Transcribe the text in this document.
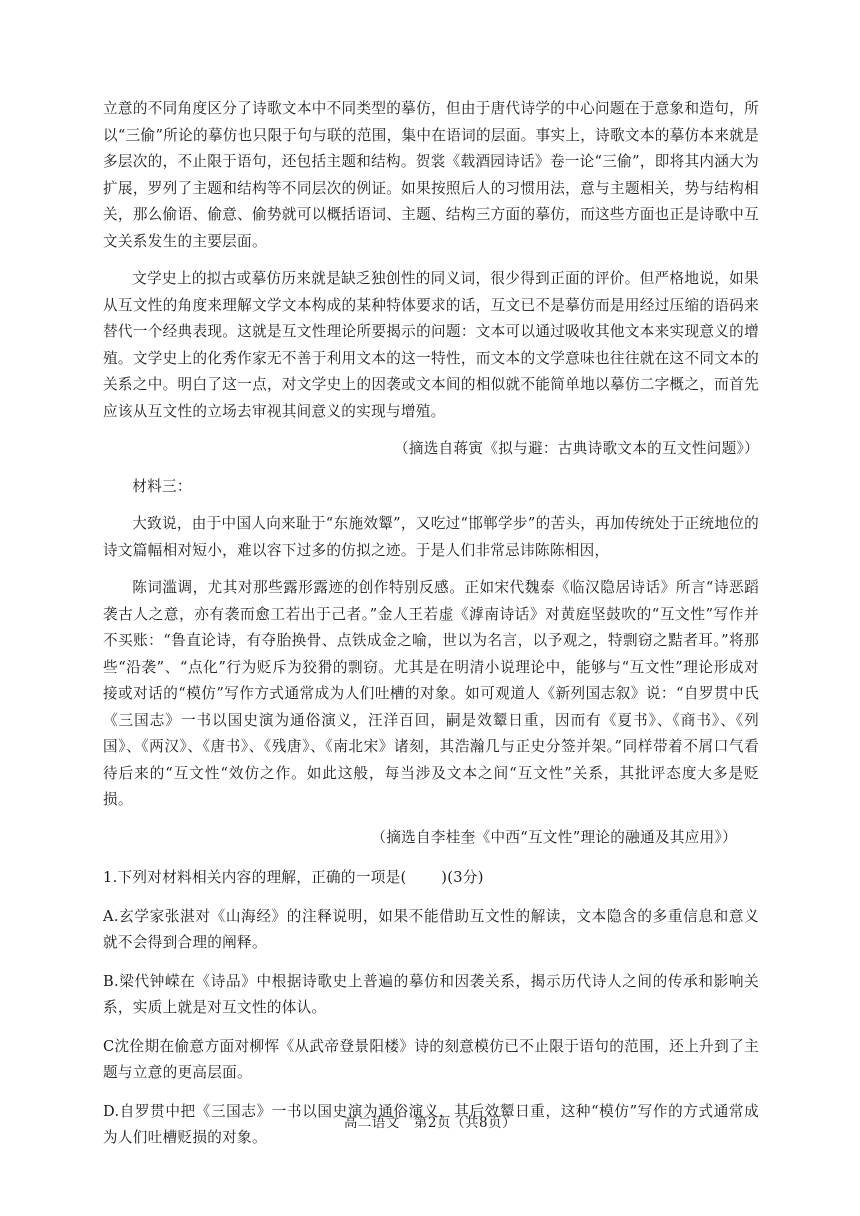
立意的不同角度区分了诗歌文本中不同类型的摹仿，但由于唐代诗学的中心问题在于意象和造句，所以“三偷”所论的摹仿也只限于句与联的范围，集中在语词的层面。事实上，诗歌文本的摹仿本来就是多层次的，不止限于语句，还包括主题和结构。贺裳《载酒园诗话》卷一论“三偷”，即将其内涵大为扩展，罗列了主题和结构等不同层次的例证。如果按照后人的习惯用法，意与主题相关，势与结构相关，那么偷语、偷意、偷势就可以概括语词、主题、结构三方面的摹仿，而这些方面也正是诗歌中互文关系发生的主要层面。

文学史上的拟古或摹仿历来就是缺乏独创性的同义词，很少得到正面的评价。但严格地说，如果从互文性的角度来理解文学文本构成的某种特体要求的话，互文已不是摹仿而是用经过压缩的语码来替代一个经典表现。这就是互文性理论所要揭示的问题：文本可以通过吸收其他文本来实现意义的增殖。文学史上的化秀作家无不善于利用文本的这一特性，而文本的文学意味也往往就在这不同文本的关系之中。明白了这一点，对文学史上的因袭或文本间的相似就不能简单地以摹仿二字概之，而首先应该从互文性的立场去审视其间意义的实现与增殖。

（摘选自蒋寅《拟与避：古典诗歌文本的互文性问题》）

材料三：

大致说，由于中国人向来耻于“东施效颦”，又吃过“邯郸学步”的苦头，再加传统处于正统地位的诗文篇幅相对短小，难以容下过多的仿拟之迹。于是人们非常忌讳陈陈相因，

陈词滥调，尤其对那些露形露迹的创作特别反感。正如宋代魏泰《临汉隐居诗话》所言“诗恶蹈袭古人之意，亦有袭而愈工若出于己者。”金人王若虚《滹南诗话》对黄庭坚鼓吹的“互文性”写作并不买账：“鲁直论诗，有夺胎换骨、点铁成金之喻，世以为名言，以予观之，特剽窃之黠者耳。”将那些“沿袭”、“点化”行为贬斥为狡猾的剽窃。尤其是在明清小说理论中，能够与“互文性”理论形成对接或对话的“模仿”写作方式通常成为人们吐槽的对象。如可观道人《新列国志叙》说：“自罗贯中氏《三国志》一书以国史演为通俗演义，汪洋百回，嗣是效颦日重，因而有《夏书》、《商书》、《列国》、《两汉》、《唐书》、《残唐》、《南北宋》诸刻，其浩瀚几与正史分签并架。”同样带着不屑口气看待后来的“互文性“效仿之作。如此这般，每当涉及文本之间“互文性”关系，其批评态度大多是贬损。

（摘选自李桂奎《中西“互文性”理论的融通及其应用》）

1.下列对材料相关内容的理解，正确的一项是(　　 )(3分)

A.玄学家张湛对《山海经》的注释说明，如果不能借助互文性的解读，文本隐含的多重信息和意义就不会得到合理的阐释。

B.梁代钟嵘在《诗品》中根据诗歌史上普遍的摹仿和因袭关系，揭示历代诗人之间的传承和影响关系，实质上就是对互文性的体认。

C沈佺期在偷意方面对柳恽《从武帝登景阳楼》诗的刻意模仿已不止限于语句的范围，还上升到了主题与立意的更高层面。

D.自罗贯中把《三国志》一书以国史演为通俗演义，其后效颦日重，这种“模仿”写作的方式通常成为人们吐槽贬损的对象。

高二语文　第2页（共8页）
